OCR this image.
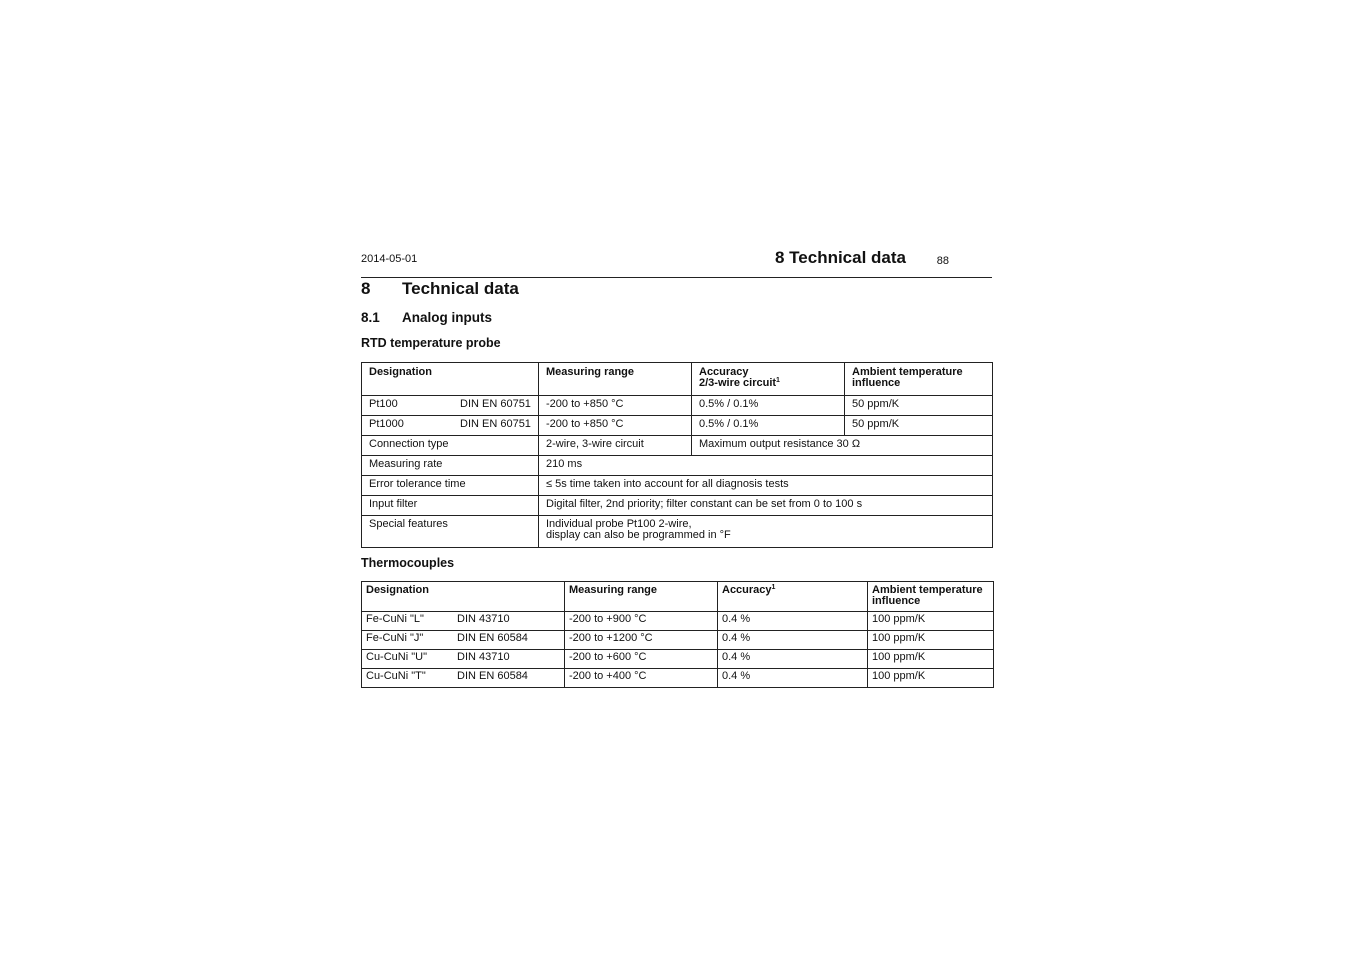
2014-05-01	8 Technical data	88
8 Technical data
8.1 Analog inputs
RTD temperature probe
Designation	Measuring range	Accuracy
2/3-wire circuit$^1$	Ambient temperature
influence
Pt100 DIN EN 60751	-200 to +850 °C	0.5% / 0.1%	50 ppm/K
Pt1000 DIN EN 60751	-200 to +850 °C	0.5% / 0.1%	50 ppm/K
Connection type	2-wire, 3-wire circuit	Maximum output resistance 30 Ω	
Measuring rate	210 ms		
Error tolerance time	≤ 5s time taken into account for all diagnosis tests		
Input filter	Digital filter, 2nd priority; filter constant can be set from 0 to 100 s		
Special features	Individual probe Pt100 2-wire,
display can also be programmed in °F		
Thermocouples
Designation	Measuring range	Accuracy$^1$	Ambient temperature
influence
Fe-CuNi "L" DIN 43710	-200 to +900 °C	0.4 %	100 ppm/K
Fe-CuNi "J" DIN EN 60584	-200 to +1200 °C	0.4 %	100 ppm/K
Cu-CuNi "U" DIN 43710	-200 to +600 °C	0.4 %	100 ppm/K
Cu-CuNi "T" DIN EN 60584	-200 to +400 °C	0.4 %	100 ppm/K
